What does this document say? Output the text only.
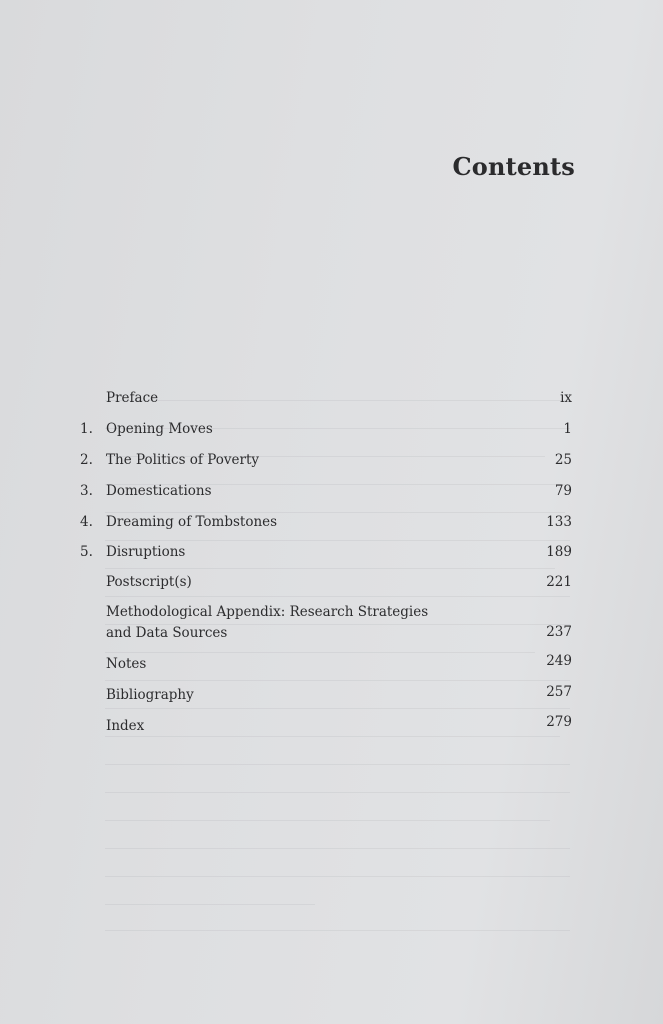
Contents
Preface	ix
1. Opening Moves	1
2. The Politics of Poverty	25
3. Domestications	79
4. Dreaming of Tombstones	133
5. Disruptions	189
Postscript(s)	221
Methodological Appendix: Research Strategies
and Data Sources	237
Notes	249
Bibliography	257
Index	279
